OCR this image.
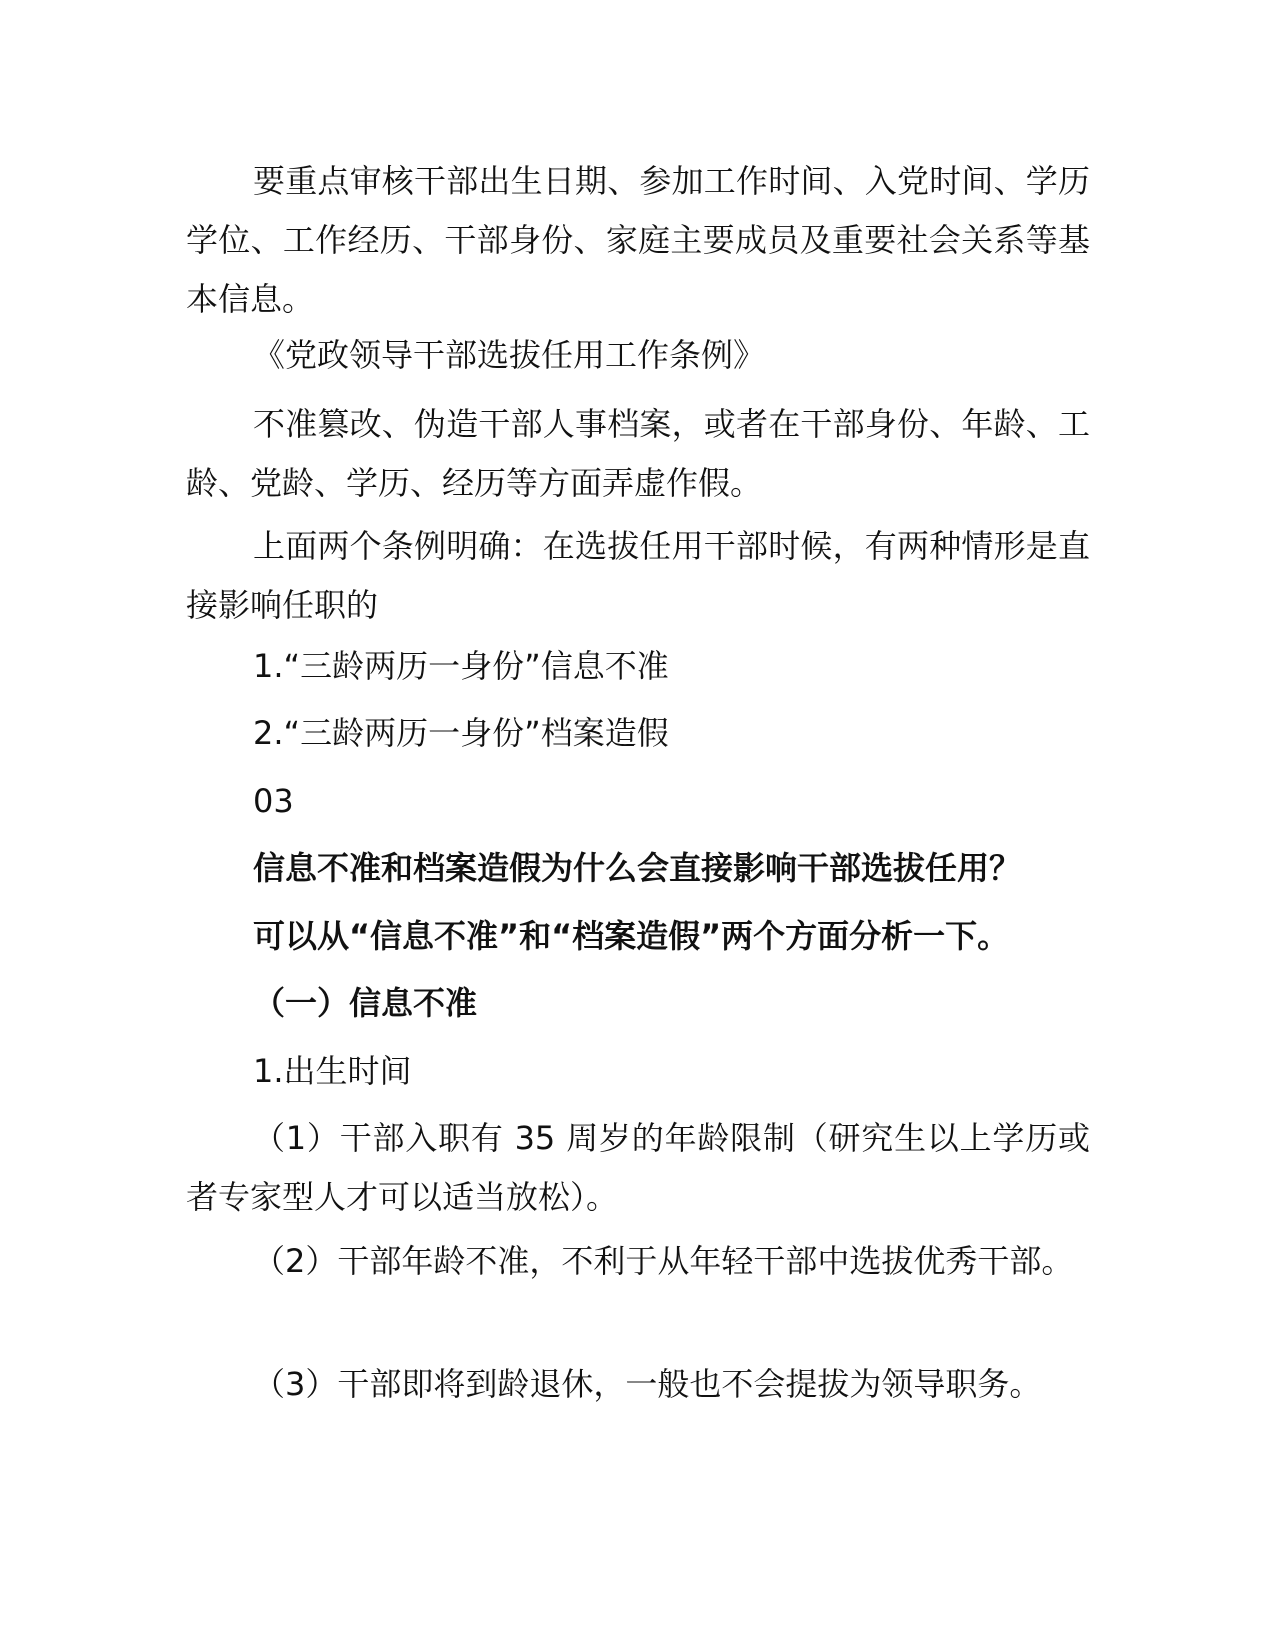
要重点审核干部出生日期、参加工作时间、入党时间、学历学位、工作经历、干部身份、家庭主要成员及重要社会关系等基本信息。

《党政领导干部选拔任用工作条例》

不准篡改、伪造干部人事档案，或者在干部身份、年龄、工龄、党龄、学历、经历等方面弄虚作假。

上面两个条例明确：在选拔任用干部时候，有两种情形是直接影响任职的

1.“三龄两历一身份”信息不准

2.“三龄两历一身份”档案造假

03

信息不准和档案造假为什么会直接影响干部选拔任用？

可以从“信息不准”和“档案造假”两个方面分析一下。

（一）信息不准

1.出生时间

（1）干部入职有 35 周岁的年龄限制（研究生以上学历或者专家型人才可以适当放松）。

（2）干部年龄不准，不利于从年轻干部中选拔优秀干部。

（3）干部即将到龄退休，一般也不会提拔为领导职务。
